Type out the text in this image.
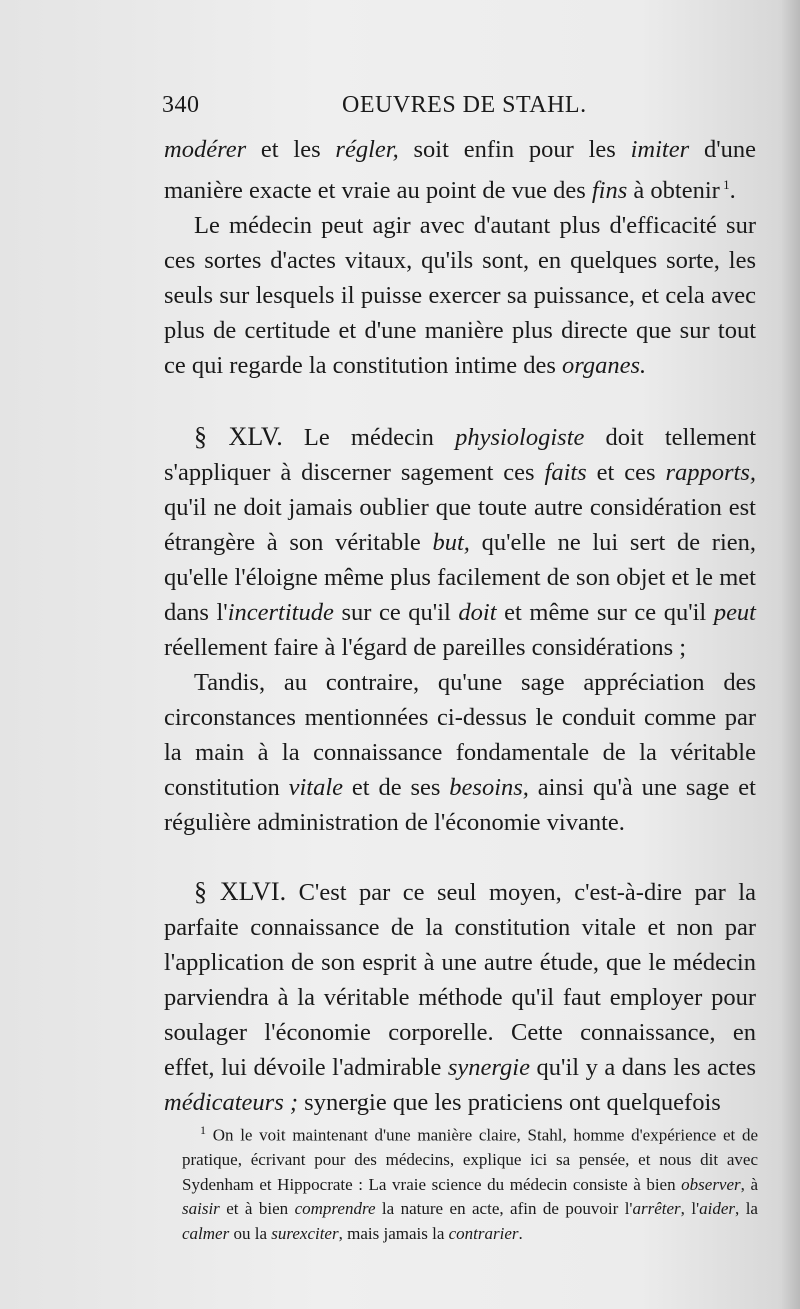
340	OEUVRES DE STAHL.

modérer et les régler, soit enfin pour les imiter d'une manière exacte et vraie au point de vue des fins à obtenir $^1$.

Le médecin peut agir avec d'autant plus d'efficacité sur ces sortes d'actes vitaux, qu'ils sont, en quelques sorte, les seuls sur lesquels il puisse exercer sa puissance, et cela avec plus de certitude et d'une manière plus directe que sur tout ce qui regarde la constitution intime des organes.

§ XLV. Le médecin physiologiste doit tellement s'appliquer à discerner sagement ces faits et ces rapports, qu'il ne doit jamais oublier que toute autre considération est étrangère à son véritable but, qu'elle ne lui sert de rien, qu'elle l'éloigne même plus facilement de son objet et le met dans l'incertitude sur ce qu'il doit et même sur ce qu'il peut réellement faire à l'égard de pareilles considérations ;

Tandis, au contraire, qu'une sage appréciation des circonstances mentionnées ci-dessus le conduit comme par la main à la connaissance fondamentale de la véritable constitution vitale et de ses besoins, ainsi qu'à une sage et régulière administration de l'économie vivante.

§ XLVI. C'est par ce seul moyen, c'est-à-dire par la parfaite connaissance de la constitution vitale et non par l'application de son esprit à une autre étude, que le médecin parviendra à la véritable méthode qu'il faut employer pour soulager l'économie corporelle. Cette connaissance, en effet, lui dévoile l'admirable synergie qu'il y a dans les actes médicateurs ; synergie que les praticiens ont quelquefois

$^1$ On le voit maintenant d'une manière claire, Stahl, homme d'expérience et de pratique, écrivant pour des médecins, explique ici sa pensée, et nous dit avec Sydenham et Hippocrate : La vraie science du médecin consiste à bien observer, à saisir et à bien comprendre la nature en acte, afin de pouvoir l'arrêter, l'aider, la calmer ou la surexciter, mais jamais la contrarier.
